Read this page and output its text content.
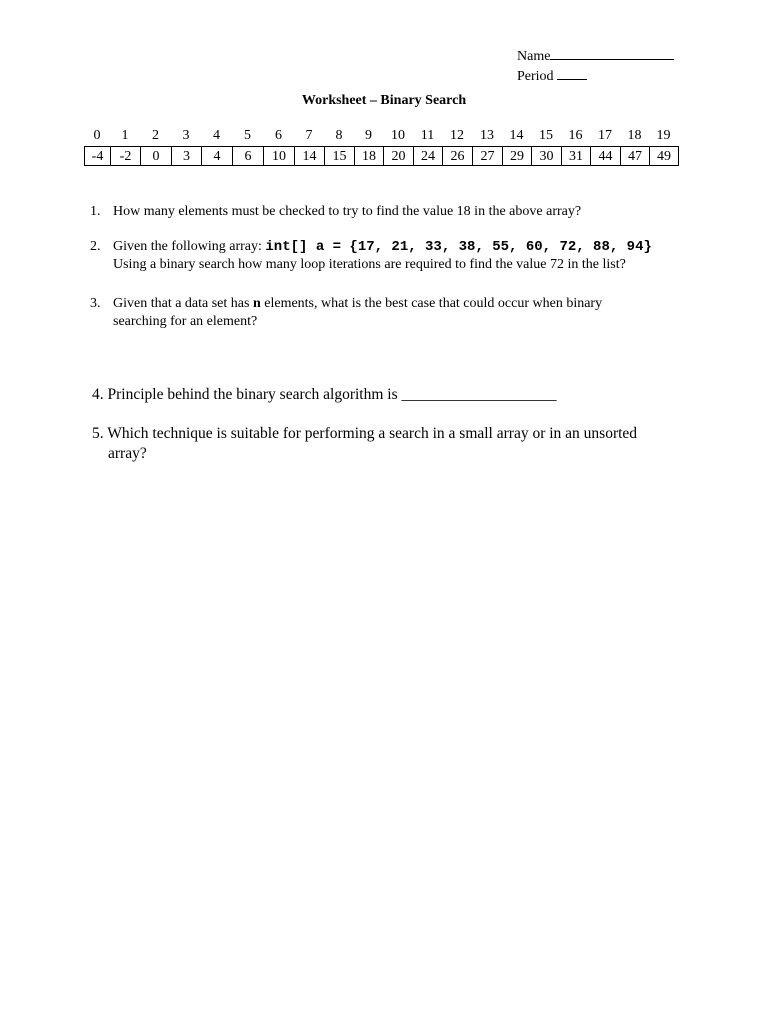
Name
Period
Worksheet – Binary Search
0	1	2	3	4	5	6	7	8	9	10	11	12	13	14	15	16	17	18	19
-4	-2	0	3	4	6	10	14	15	18	20	24	26	27	29	30	31	44	47	49
1. How many elements must be checked to try to find the value 18 in the above array?
2. Given the following array: int[] a = {17, 21, 33, 38, 55, 60, 72, 88, 94}
Using a binary search how many loop iterations are required to find the value 72 in the list?
3. Given that a data set has n elements, what is the best case that could occur when binary
searching for an element?
4. Principle behind the binary search algorithm is ____________________
5. Which technique is suitable for performing a search in a small array or in an unsorted
array?
